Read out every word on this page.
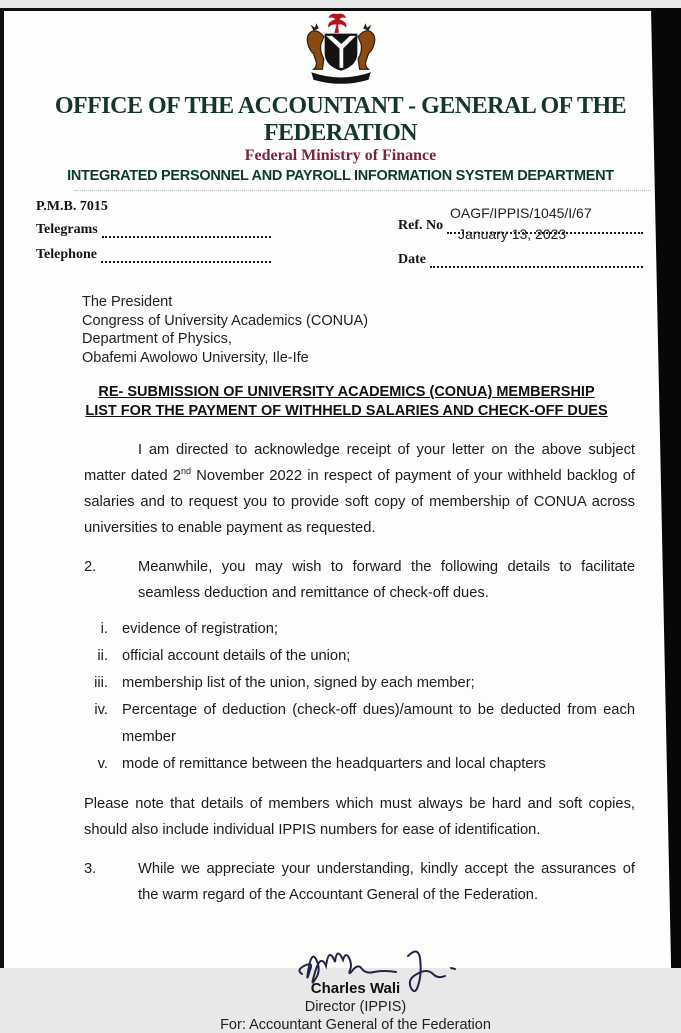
OFFICE OF THE ACCOUNTANT - GENERAL OF THE FEDERATION
Federal Ministry of Finance
INTEGRATED PERSONNEL AND PAYROLL INFORMATION SYSTEM DEPARTMENT
P.M.B. 7015
Telegrams
Telephone
OAGF/IPPIS/1045/I/67
January 13, 2023
Ref. No
Date
The President
Congress of University Academics (CONUA)
Department of Physics,
Obafemi Awolowo University, Ile-Ife
RE- SUBMISSION OF UNIVERSITY ACADEMICS (CONUA) MEMBERSHIP LIST FOR THE PAYMENT OF WITHHELD SALARIES AND CHECK-OFF DUES
I am directed to acknowledge receipt of your letter on the above subject matter dated 2nd November 2022 in respect of payment of your withheld backlog of salaries and to request you to provide soft copy of membership of CONUA across universities to enable payment as requested.
2.	Meanwhile, you may wish to forward the following details to facilitate seamless deduction and remittance of check-off dues.
i. evidence of registration;
ii. official account details of the union;
iii. membership list of the union, signed by each member;
iv. Percentage of deduction (check-off dues)/amount to be deducted from each member
v. mode of remittance between the headquarters and local chapters
Please note that details of members which must always be hard and soft copies, should also include individual IPPIS numbers for ease of identification.
3.	While we appreciate your understanding, kindly accept the assurances of the warm regard of the Accountant General of the Federation.
Charles Wali
Director (IPPIS)
For: Accountant General of the Federation
